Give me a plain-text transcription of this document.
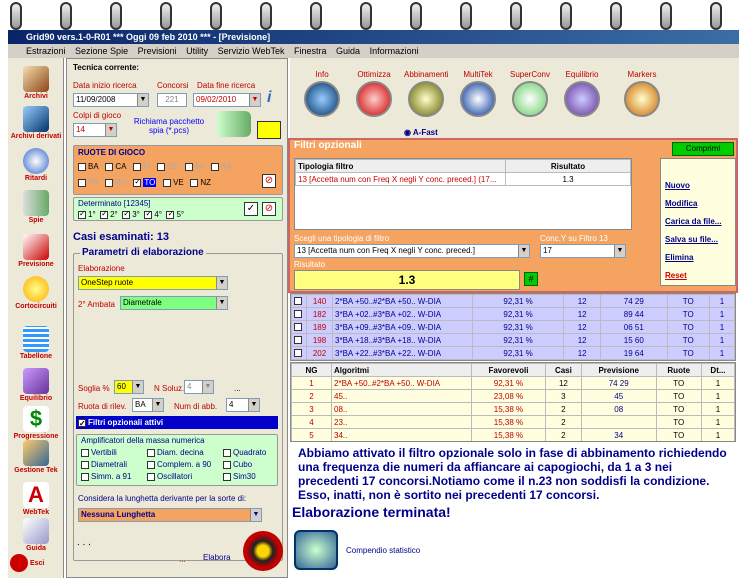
Grid90 vers.1-0-R01 *** Oggi 09 feb 2010 *** - [Previsione]
Estrazioni Sezione Spie Previsioni Utility Servizio WebTek Finestra Guida Informazioni
Archivi
Archivi derivati
Ritardi
Spie
Previsione
Cortocircuiti
Tabellone
Equilibrio
$
Progressione
Gestione Tek
A
WebTek
Guida
Esci
Tecnica corrente:
Data inizio ricerca
11/09/2008	▼
Concorsi
221
Data fine ricerca
09/02/2010	▼ i
Colpi di gioco
14	▼
Richiama pacchetto spia (*.pcs)
RUOTE DI GIOCO
BA CA FI GE MI NA
PA RO ✓ TO VE NZ	⊘
Determinato [12345]
✓1° ✓ 2° ✓ 3° ✓ 4° ✓ 5°
✓ ⊘
Casi esaminati: 13
Parametri di elaborazione
Elaborazione
OneStep ruote	▼
2° Ambata	Diametrale	▼
Soglia % 60	▼ N Soluz. 4	▼	...
Ruota di rilev.	BA	▼ Num di abb.	4	▼
✓Filtri opzionali attivi
Amplificatori della massa numerica
Vertibili	Diam. decina	Quadrato
Diametrali	Complem. a 90	Cubo
Simm. a 91	Oscillatori	Sim30
Considera la lunghetta derivante per la sorte di:
Nessuna Lunghetta	▼
. . .
... Elabora
Info	Ottimizza	Abbinamenti	MultiTek	SuperConv	Equilibrio	Markers
◉ A-Fast
Filtri opzionali	Comprimi
Tipologia filtro	Risultato
13 [Accetta num con Freq X negli Y conc. preced.] (17...	1.3
Nuovo
Modifica
Carica da file...
Salva su file...
Elimina
Reset
Scegli una tipologia di filtro
13 [Accetta num con Freq X negli Y conc. preced.]	▼
Conc.Y su Filtro 13
17	▼
Risultato
1.3	#
	140	2*BA +50..#2*BA +50.. W-DIA	92,31 %	12	74 29	TO	1
	182	3*BA +02..#3*BA +02.. W-DIA	92,31 %	12	89 44	TO	1
	189	3*BA +09..#3*BA +09.. W-DIA	92,31 %	12	06 51	TO	1
	198	3*BA +18..#3*BA +18.. W-DIA	92,31 %	12	15 60	TO	1
	202	3*BA +22..#3*BA +22.. W-DIA	92,31 %	12	19 64	TO	1
NG	Algoritmi	Favorevoli	Casi	Previsione	Ruote	Dt...
1	2*BA +50..#2*BA +50.. W-DIA	92,31 %	12	74 29	TO	1
2	45..	23,08 %	3	45	TO	1
3	08..	15,38 %	2	08	TO	1
4	23..	15,38 %	2		TO	1
5	34..	15,38 %	2	34	TO	1
Abbiamo attivato il filtro opzionale solo in fase di abbinamento richiedendo una frequenza die numeri da affiancare ai capogiochi, da 1 a 3 nei precedenti 17 concorsi.Notiamo come il n.23 non soddisfi la condizione. Esso, inatti, non è sortito nei precedenti 17 concorsi.
Elaborazione terminata!
Compendio statistico
